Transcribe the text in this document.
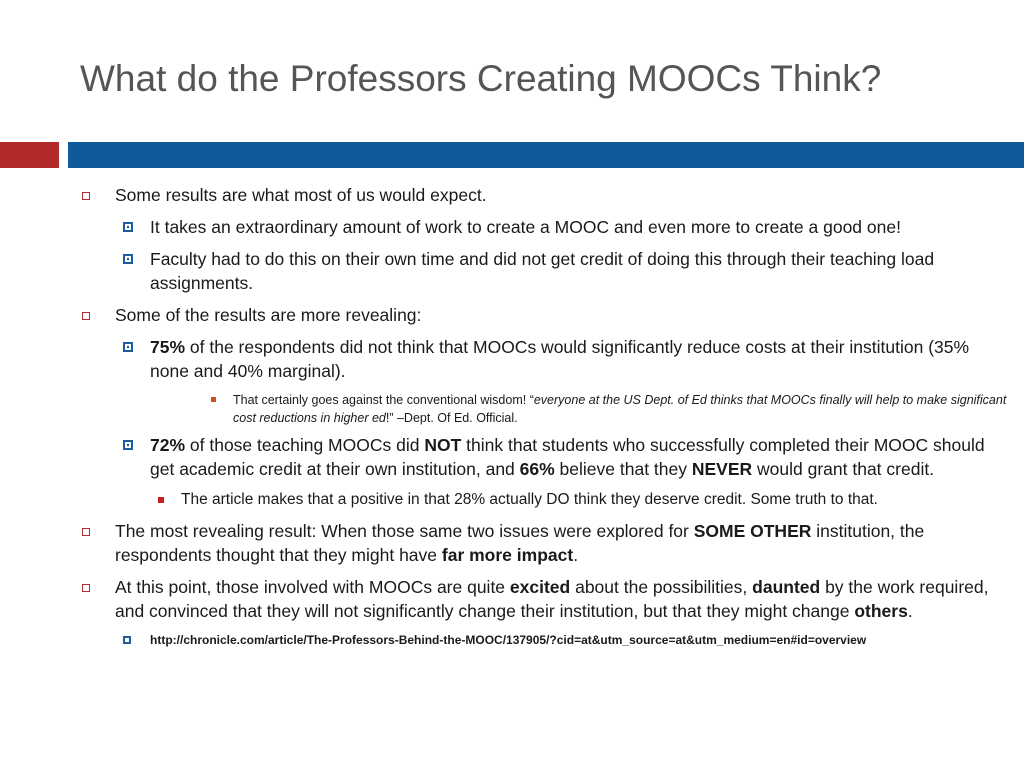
What do the Professors Creating MOOCs Think?
Some results are what most of us would expect.
It takes an extraordinary amount of work to create a MOOC and even more to create a good one!
Faculty had to do this on their own time and did not get credit of doing this through their teaching load assignments.
Some of the results are more revealing:
75% of the respondents did not think that MOOCs would significantly reduce costs at their institution (35% none and 40% marginal).
That certainly goes against the conventional wisdom! “everyone at the US Dept. of Ed thinks that MOOCs finally will help to make significant cost reductions in higher ed!” –Dept. Of Ed. Official.
72% of those teaching MOOCs did NOT think that students who successfully completed their MOOC should get academic credit at their own institution, and 66% believe that they NEVER would grant that credit.
The article makes that a positive in that 28% actually DO think they deserve credit. Some truth to that.
The most revealing result: When those same two issues were explored for SOME OTHER institution, the respondents thought that they might have far more impact.
At this point, those involved with MOOCs are quite excited about the possibilities, daunted by the work required, and convinced that they will not significantly change their institution, but that they might change others.
http://chronicle.com/article/The-Professors-Behind-the-MOOC/137905/?cid=at&utm_source=at&utm_medium=en#id=overview
